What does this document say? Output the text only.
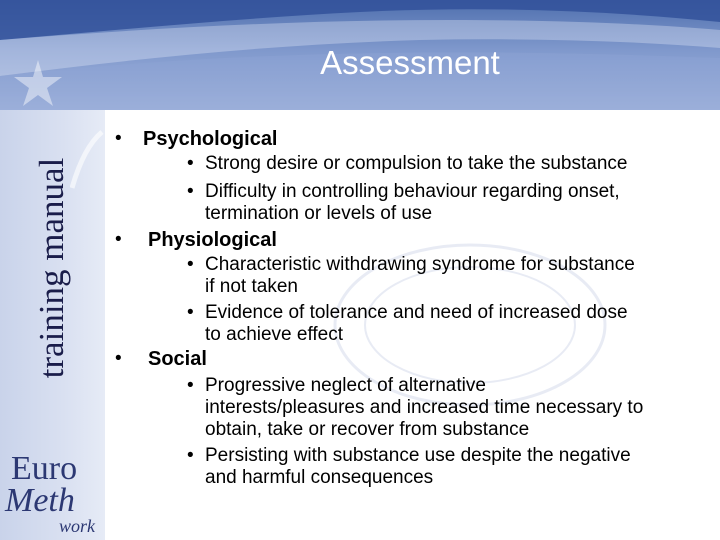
Assessment
training manual
Euro
Meth
work
• Psychological
• Strong desire or compulsion to take the substance
• Difficulty in controlling behaviour regarding onset,
termination or levels of use
• Physiological
• Characteristic withdrawing syndrome for substance
if not taken
• Evidence of tolerance and need of increased dose
to achieve effect
• Social
• Progressive neglect of alternative
interests/pleasures and increased time necessary to
obtain, take or recover from substance
• Persisting with substance use despite the negative
and harmful consequences
